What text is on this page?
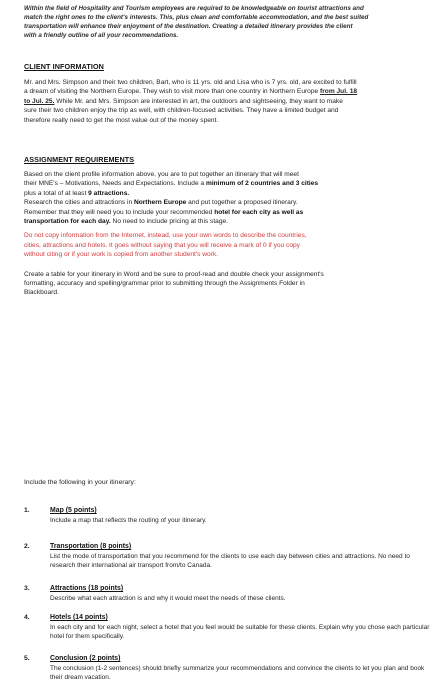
Within the field of Hospitality and Tourism employees are required to be knowledgeable on tourist attractions and
match the right ones to the client's interests. This, plus clean and comfortable accommodation, and the best suited
transportation will enhance their enjoyment of the destination. Creating a detailed itinerary provides the client
with a friendly outline of all your recommendations.
CLIENT INFORMATION
Mr. and Mrs. Simpson and their two children, Bart, who is 11 yrs. old and Lisa who is 7 yrs. old, are excited to fulfill
a dream of visiting the Northern Europe. They wish to visit more than one country in Northern Europe from Jul. 18
to Jul. 25. While Mr. and Mrs. Simpson are interested in art, the outdoors and sightseeing, they want to make
sure their two children enjoy the trip as well, with children-focused activities. They have a limited budget and
therefore really need to get the most value out of the money spent.
ASSIGNMENT REQUIREMENTS
Based on the client profile information above, you are to put together an itinerary that will meet
their MNE's – Motivations, Needs and Expectations. Include a minimum of 2 countries and 3 cities
plus a total of at least 9 attractions.
Research the cities and attractions in Northern Europe and put together a proposed itinerary.
Remember that they will need you to include your recommended hotel for each city as well as
transportation for each day. No need to include pricing at this stage.
Do not copy information from the Internet, instead, use your own words to describe the countries,
cities, attractions and hotels. It goes without saying that you will receive a mark of 0 if you copy
without citing or if your work is copied from another student's work.
Create a table for your itinerary in Word and be sure to proof-read and double check your assignment's
formatting, accuracy and spelling/grammar prior to submitting through the Assignments Folder in
Blackboard.
Include the following in your itinerary:
1.	Map (5 points)
Include a map that reflects the routing of your itinerary.
2.	Transportation (8 points)
List the mode of transportation that you recommend for the clients to use each day between cities and attractions. No need to research their international air transport from/to Canada.
3.	Attractions (18 points)
Describe what each attraction is and why it would meet the needs of these clients.
4.	Hotels (14 points)
In each city and for each night, select a hotel that you feel would be suitable for these clients. Explain why you chose each particular hotel for them specifically.
5.	Conclusion (2 points)
The conclusion (1-2 sentences) should briefly summarize your recommendations and convince the clients to let you plan and book their dream vacation.
